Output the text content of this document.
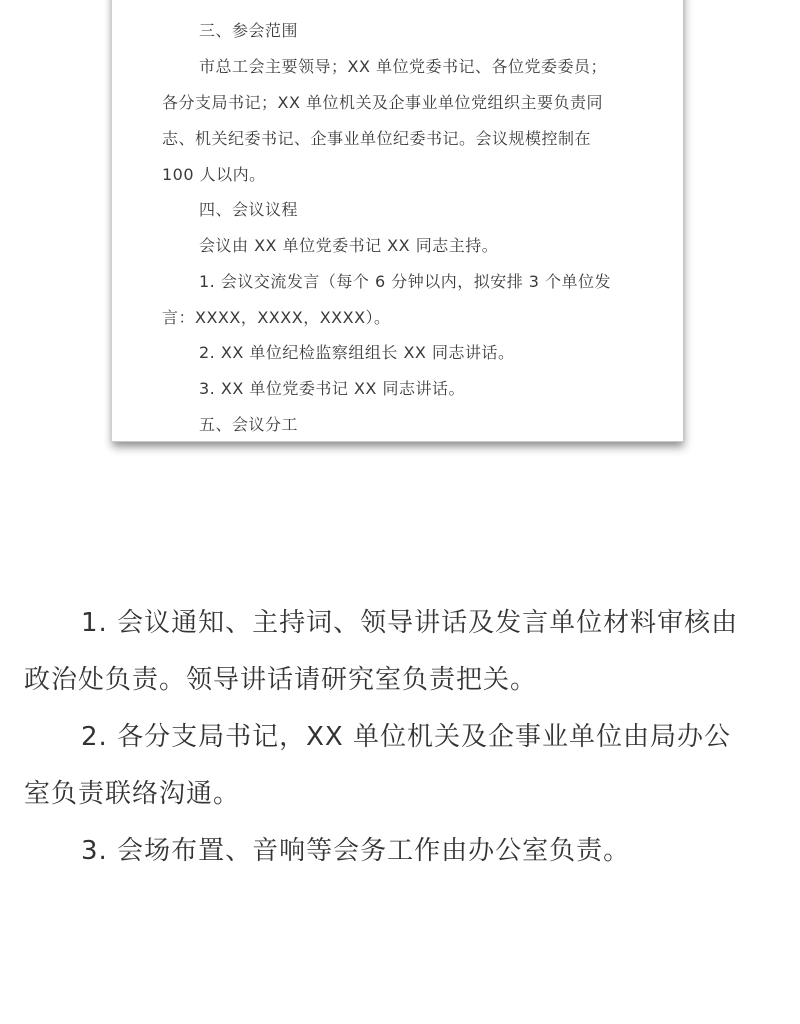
三、参会范围
市总工会主要领导；XX 单位党委书记、各位党委委员；
各分支局书记；XX 单位机关及企事业单位党组织主要负责同
志、机关纪委书记、企事业单位纪委书记。会议规模控制在
100 人以内。
四、会议议程
会议由 XX 单位党委书记 XX 同志主持。
1. 会议交流发言（每个 6 分钟以内，拟安排 3 个单位发
言：XXXX，XXXX，XXXX）。
2. XX 单位纪检监察组组长 XX 同志讲话。
3. XX 单位党委书记 XX 同志讲话。
五、会议分工
1. 会议通知、主持词、领导讲话及发言单位材料审核由
政治处负责。领导讲话请研究室负责把关。
2. 各分支局书记，XX 单位机关及企事业单位由局办公
室负责联络沟通。
3. 会场布置、音响等会务工作由办公室负责。
